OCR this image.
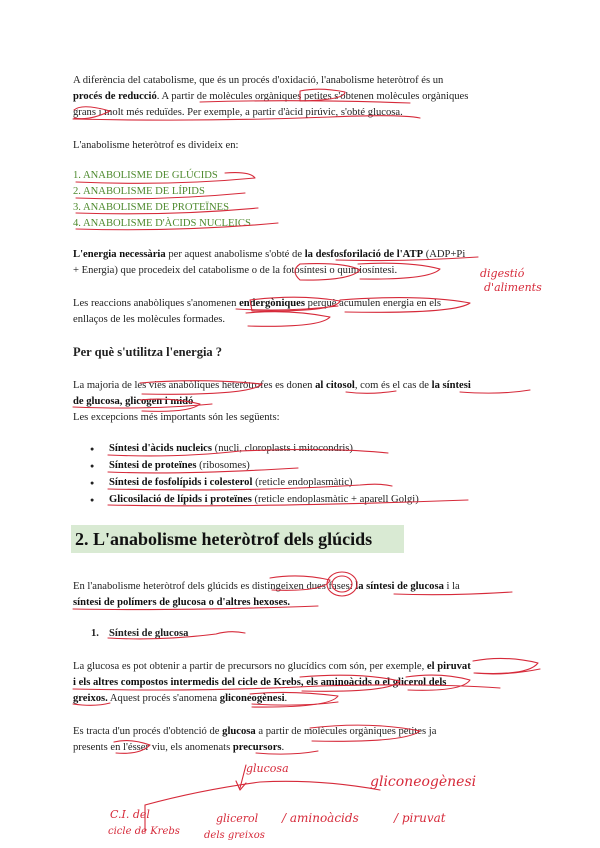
A diferència del catabolisme, que és un procés d'oxidació, l'anabolisme heteròtrof és un

procés de reducció. A partir de molècules orgàniques petites s'obtenen molècules orgàniques

grans i molt més reduïdes. Per exemple, a partir d'àcid pirúvic, s'obté glucosa.

L'anabolisme heteròtrof es divideix en:
1. ANABOLISME DE GLÚCIDS
2. ANABOLISME DE LÍPIDS
3. ANABOLISME DE PROTEÏNES
4. ANABOLISME D'ÀCIDS NUCLEICS

L'energia necessària per aquest anabolisme s'obté de la desfosforilació de l'ATP (ADP+Pi

+ Energia) que procedeix del catabolisme o de la fotosíntesi o quimiosíntesi.

Les reaccions anabòliques s'anomenen endergòniques perquè acumulen energia en els

enllaços de les molècules formades.

Per què s'utilitza l'energia ?

La majoria de les vies anabòliques heteròtrofes es donen al citosol, com és el cas de la síntesi

de glucosa, glicogen i midó

Les excepcions més importants són les següents:

● Síntesi d'àcids nucleics (nucli, cloroplasts i mitocondris)
● Síntesi de proteïnes (ribosomes)
● Síntesi de fosfolípids i colesterol (reticle endoplasmàtic)
● Glicosilació de lípids i proteïnes (reticle endoplasmàtic + aparell Golgi)
2. L'anabolisme heteròtrof dels glúcids

En l'anabolisme heteròtrof dels glúcids es distingeixen dues fases: la síntesi de glucosa i la

síntesi de polímers de glucosa o d'altres hexoses.

1. Síntesi de glucosa

La glucosa es pot obtenir a partir de precursors no glucídics com són, per exemple, el piruvat

i els altres compostos intermedis del cicle de Krebs, els aminoàcids o el glicerol dels

greixos. Aquest procés s'anomena gliconeogènesi.

Es tracta d'un procés d'obtenció de glucosa a partir de molècules orgàniques petites ja

presents en l'ésser viu, els anomenats precursors.

digestió
d'aliments
glucosa
gliconeogènesi
C.I. del
cicle de Krebs
glicerol
dels greixos
/ aminoàcids	/ piruvat
